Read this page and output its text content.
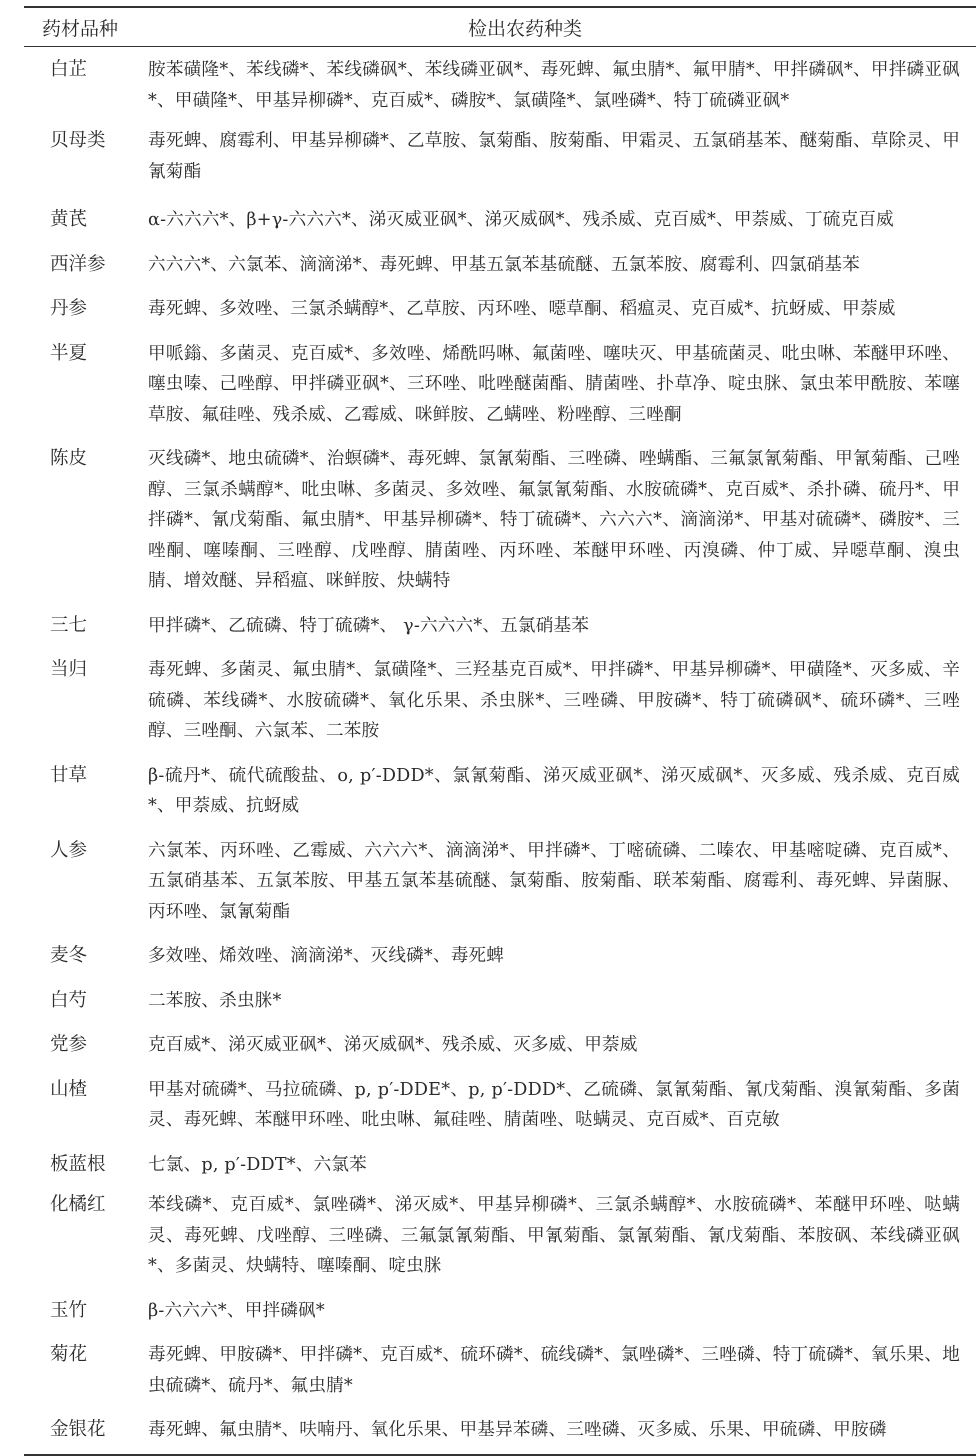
药材品种	检出农药种类
白芷	胺苯磺隆*、苯线磷*、苯线磷砜*、苯线磷亚砜*、毒死蜱、氟虫腈*、氟甲腈*、甲拌磷砜*、甲拌磷亚砜*、甲磺隆*、甲基异柳磷*、克百威*、磷胺*、氯磺隆*、氯唑磷*、特丁硫磷亚砜*
贝母类	毒死蜱、腐霉利、甲基异柳磷*、乙草胺、氯菊酯、胺菊酯、甲霜灵、五氯硝基苯、醚菊酯、草除灵、甲氰菊酯
黄芪	α-六六六*、β+γ-六六六*、涕灭威亚砜*、涕灭威砜*、残杀威、克百威*、甲萘威、丁硫克百威
西洋参	六六六*、六氯苯、滴滴涕*、毒死蜱、甲基五氯苯基硫醚、五氯苯胺、腐霉利、四氯硝基苯
丹参	毒死蜱、多效唑、三氯杀螨醇*、乙草胺、丙环唑、噁草酮、稻瘟灵、克百威*、抗蚜威、甲萘威
半夏	甲哌鎓、多菌灵、克百威*、多效唑、烯酰吗啉、氟菌唑、噻呋灭、甲基硫菌灵、吡虫啉、苯醚甲环唑、噻虫嗪、己唑醇、甲拌磷亚砜*、三环唑、吡唑醚菌酯、腈菌唑、扑草净、啶虫脒、氯虫苯甲酰胺、苯噻草胺、氟硅唑、残杀威、乙霉威、咪鲜胺、乙螨唑、粉唑醇、三唑酮
陈皮	灭线磷*、地虫硫磷*、治螟磷*、毒死蜱、氯氰菊酯、三唑磷、唑螨酯、三氟氯氰菊酯、甲氰菊酯、己唑醇、三氯杀螨醇*、吡虫啉、多菌灵、多效唑、氟氯氰菊酯、水胺硫磷*、克百威*、杀扑磷、硫丹*、甲拌磷*、氰戊菊酯、氟虫腈*、甲基异柳磷*、特丁硫磷*、六六六*、滴滴涕*、甲基对硫磷*、磷胺*、三唑酮、噻嗪酮、三唑醇、戊唑醇、腈菌唑、丙环唑、苯醚甲环唑、丙溴磷、仲丁威、异噁草酮、溴虫腈、增效醚、异稻瘟、咪鲜胺、炔螨特
三七	甲拌磷*、乙硫磷、特丁硫磷*、 γ-六六六*、五氯硝基苯
当归	毒死蜱、多菌灵、氟虫腈*、氯磺隆*、三羟基克百威*、甲拌磷*、甲基异柳磷*、甲磺隆*、灭多威、辛硫磷、苯线磷*、水胺硫磷*、氧化乐果、杀虫脒*、三唑磷、甲胺磷*、特丁硫磷砜*、硫环磷*、三唑醇、三唑酮、六氯苯、二苯胺
甘草	β-硫丹*、硫代硫酸盐、o, p′-DDD*、氯氰菊酯、涕灭威亚砜*、涕灭威砜*、灭多威、残杀威、克百威*、甲萘威、抗蚜威
人参	六氯苯、丙环唑、乙霉威、六六六*、滴滴涕*、甲拌磷*、丁嘧硫磷、二嗪农、甲基嘧啶磷、克百威*、五氯硝基苯、五氯苯胺、甲基五氯苯基硫醚、氯菊酯、胺菊酯、联苯菊酯、腐霉利、毒死蜱、异菌脲、丙环唑、氯氰菊酯
麦冬	多效唑、烯效唑、滴滴涕*、灭线磷*、毒死蜱
白芍	二苯胺、杀虫脒*
党参	克百威*、涕灭威亚砜*、涕灭威砜*、残杀威、灭多威、甲萘威
山楂	甲基对硫磷*、马拉硫磷、p, p′-DDE*、p, p′-DDD*、乙硫磷、氯氰菊酯、氰戊菊酯、溴氰菊酯、多菌灵、毒死蜱、苯醚甲环唑、吡虫啉、氟硅唑、腈菌唑、哒螨灵、克百威*、百克敏
板蓝根	七氯、p, p′-DDT*、六氯苯
化橘红	苯线磷*、克百威*、氯唑磷*、涕灭威*、甲基异柳磷*、三氯杀螨醇*、水胺硫磷*、苯醚甲环唑、哒螨灵、毒死蜱、戊唑醇、三唑磷、三氟氯氰菊酯、甲氰菊酯、氯氰菊酯、氰戊菊酯、苯胺砜、苯线磷亚砜*、多菌灵、炔螨特、噻嗪酮、啶虫脒
玉竹	β-六六六*、甲拌磷砜*
菊花	毒死蜱、甲胺磷*、甲拌磷*、克百威*、硫环磷*、硫线磷*、氯唑磷*、三唑磷、特丁硫磷*、氧乐果、地虫硫磷*、硫丹*、氟虫腈*
金银花	毒死蜱、氟虫腈*、呋喃丹、氧化乐果、甲基异苯磷、三唑磷、灭多威、乐果、甲硫磷、甲胺磷
